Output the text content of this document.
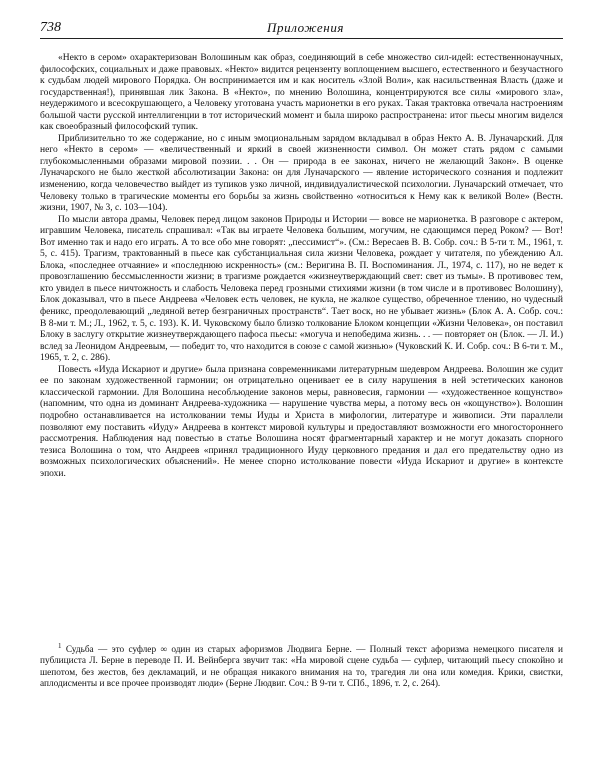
738	Приложения

«Некто в сером» охарактеризован Волошиным как образ, соединяющий в себе множество сил-идей: естественнонаучных, философских, социальных и даже правовых. «Некто» видится рецензенту воплощением высшего, естественного и безучастного к судьбам людей мирового Порядка. Он воспринимается им и как носитель «Злой Воли», как насильственная Власть (даже и государственная!), принявшая лик Закона. В «Некто», по мнению Волошина, концентрируются все силы «мирового зла», неудержимого и всесокрушающего, а Человеку уготована участь марионетки в его руках. Такая трактовка отвечала настроениям большой части русской интеллигенции в тот исторический момент и была широко распространена: итог пьесы многим виделся как своеобразный философский тупик.

Приблизительно то же содержание, но с иным эмоциональным зарядом вкладывал в образ Некто А. В. Луначарский. Для него «Некто в сером» — «величественный и яркий в своей жизненности символ. Он может стать рядом с самыми глубокомысленными образами мировой поэзии. . . Он — природа в ее законах, ничего не желающий Закон». В оценке Луначарского не было жесткой абсолютизации Закона: он для Луначарского — явление исторического сознания и подлежит изменению, когда человечество выйдет из тупиков узко личной, индивидуалистической психологии. Луначарский отмечает, что Человеку только в трагические моменты его борьбы за жизнь свойственно «относиться к Нему как к великой Воле» (Вестн. жизни, 1907, № 3, с. 103—104).

По мысли автора драмы, Человек перед лицом законов Природы и Истории — вовсе не марионетка. В разговоре с актером, игравшим Человека, писатель спрашивал: «Так вы играете Человека большим, могучим, не сдающимся перед Роком? — Вот! Вот именно так и надо его играть. А то все обо мне говорят: „пессимист“». (См.: Вересаев В. В. Собр. соч.: В 5-ти т. М., 1961, т. 5, с. 415). Трагизм, трактованный в пьесе как субстанциальная сила жизни Человека, рождает у читателя, по убеждению Ал. Блока, «последнее отчаяние» и «последнюю искренность» (см.: Веригина В. П. Воспоминания. Л., 1974, с. 117), но не ведет к провозглашению бессмысленности жизни; в трагизме рождается «жизнеутверждающий свет: свет из тьмы». В противовес тем, кто увидел в пьесе ничтожность и слабость Человека перед грозными стихиями жизни (в том числе и в противовес Волошину), Блок доказывал, что в пьесе Андреева «Человек есть человек, не кукла, не жалкое существо, обреченное тлению, но чудесный феникс, преодолевающий „ледяной ветер безграничных пространств“. Тает воск, но не убывает жизнь» (Блок А. А. Собр. соч.: В 8-ми т. М.; Л., 1962, т. 5, с. 193). К. И. Чуковскому было близко толкование Блоком концепции «Жизни Человека», он поставил Блоку в заслугу открытие жизнеутверждающего пафоса пьесы: «могуча и непобедима жизнь. . . — повторяет он (Блок. — Л. И.) вслед за Леонидом Андреевым, — победит то, что находится в союзе с самой жизнью» (Чуковский К. И. Собр. соч.: В 6-ти т. М., 1965, т. 2, с. 286).

Повесть «Иуда Искариот и другие» была признана современниками литературным шедевром Андреева. Волошин же судит ее по законам художественной гармонии; он отрицательно оценивает ее в силу нарушения в ней эстетических канонов классической гармонии. Для Волошина несобљюдение законов меры, равновесия, гармонии — «художественное кощунство» (напомним, что одна из доминант Андреева-художника — нарушение чувства меры, а потому весь он «кощунство»). Волошин подробно останавливается на истолковании темы Иуды и Христа в мифологии, литературе и живописи. Эти параллели позволяют ему поставить «Иуду» Андреева в контекст мировой культуры и предоставляют возможности его многостороннего рассмотрения. Наблюдения над повестью в статье Волошина носят фрагментарный характер и не могут доказать спорного тезиса Волошина о том, что Андреев «принял традиционного Иуду церковного предания и дал его предательству одно из возможных психологических объяснений». Не менее спорно истолкование повести «Иуда Искариот и другие» в контексте эпохи.

$^1$ Судьба — это суфлер ∞ один из старых афоризмов Людвига Берне. — Полный текст афоризма немецкого писателя и публициста Л. Берне в переводе П. И. Вейнберга звучит так: «На мировой сцене судьба — суфлер, читающий пьесу спокойно и шепотом, без жестов, без декламаций, и не обращая никакого внимания на то, трагедия ли она или комедия. Крики, свистки, аплодисменты и все прочее производят люди» (Берне Людвиг. Соч.: В 9-ти т. СПб., 1896, т. 2, с. 264).
